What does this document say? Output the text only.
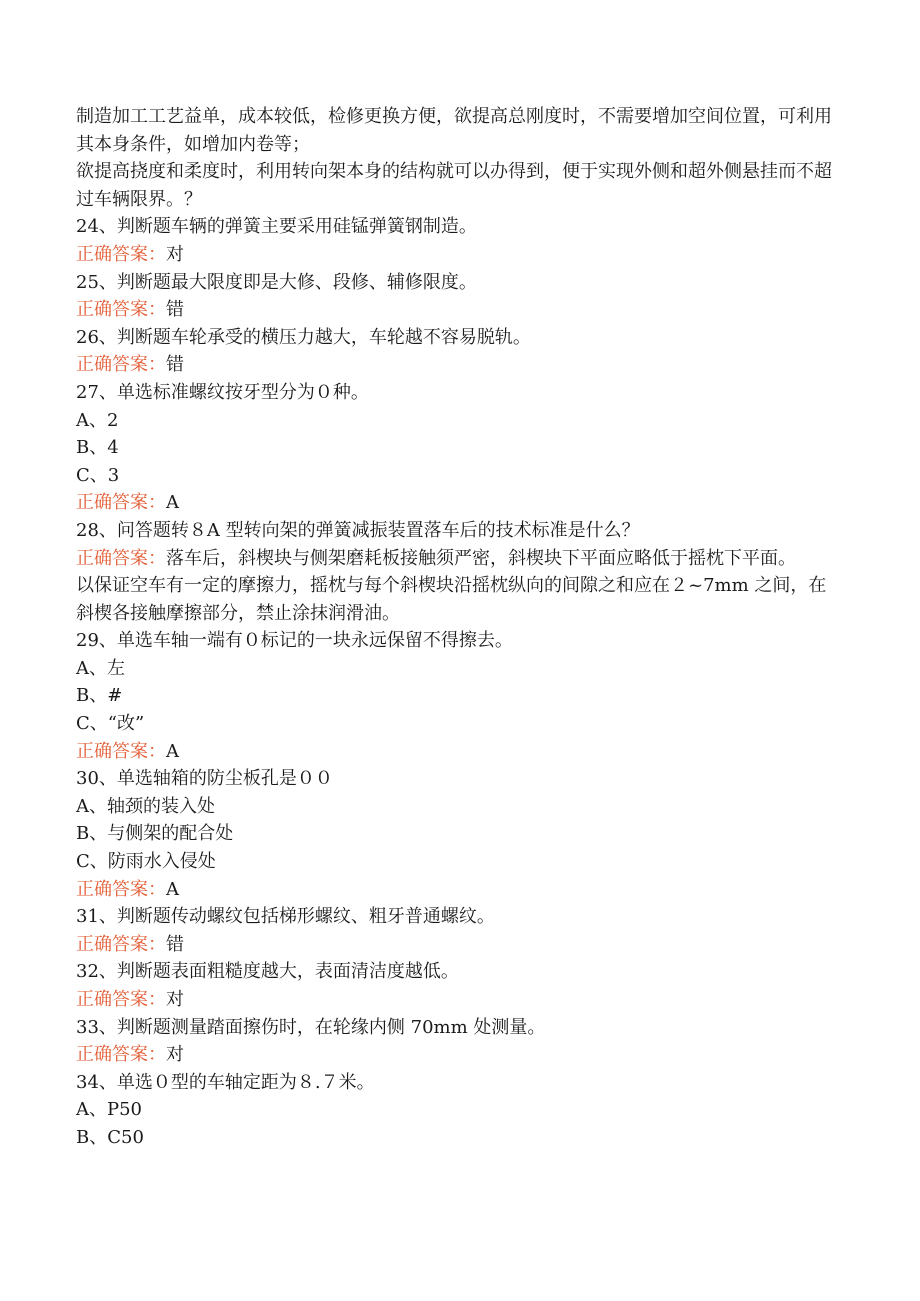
制造加工工艺益单，成本较低，检修更换方便，欲提高总刚度时，不需要增加空间位置，可利用其本身条件，如增加内卷等；

欲提高挠度和柔度时，利用转向架本身的结构就可以办得到，便于实现外侧和超外侧悬挂而不超过车辆限界。？

24、判断题车辆的弹簧主要采用硅锰弹簧钢制造。

正确答案：对

25、判断题最大限度即是大修、段修、辅修限度。

正确答案：错

26、判断题车轮承受的横压力越大，车轮越不容易脱轨。

正确答案：错

27、单选标准螺纹按牙型分为０种。

A、2

B、4

C、3

正确答案：A

28、问答题转８A 型转向架的弹簧减振装置落车后的技术标准是什么？

正确答案：落车后，斜楔块与侧架磨耗板接触须严密，斜楔块下平面应略低于摇枕下平面。

以保证空车有一定的摩擦力，摇枕与每个斜楔块沿摇枕纵向的间隙之和应在２~7mm 之间，在斜楔各接触摩擦部分，禁止涂抹润滑油。

29、单选车轴一端有０标记的一块永远保留不得擦去。

A、左

B、#

C、“改”

正确答案：A

30、单选轴箱的防尘板孔是００

A、轴颈的装入处

B、与侧架的配合处

C、防雨水入侵处

正确答案：A

31、判断题传动螺纹包括梯形螺纹、粗牙普通螺纹。

正确答案：错

32、判断题表面粗糙度越大，表面清洁度越低。

正确答案：对

33、判断题测量踏面擦伤时，在轮缘内侧 70mm 处测量。

正确答案：对

34、单选０型的车轴定距为８.７米。

A、P50

B、C50
